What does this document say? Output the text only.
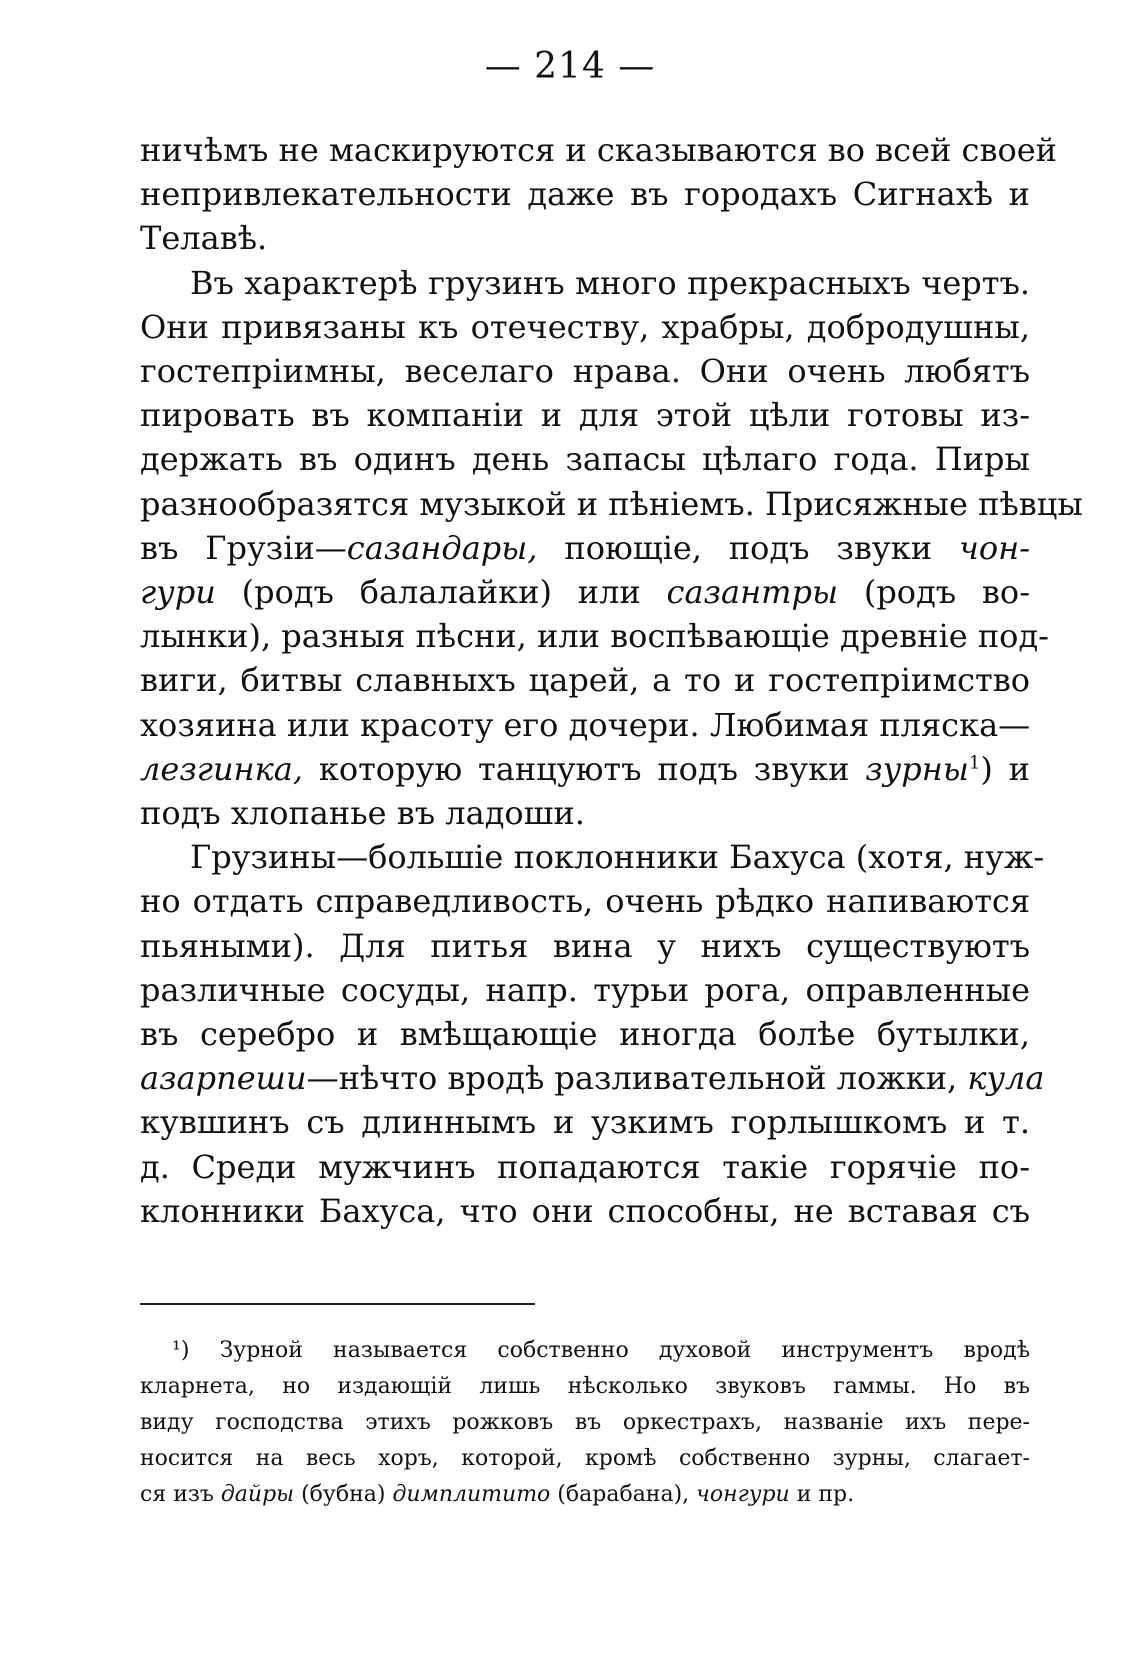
— 214 —
ничѣмъ не маскируются и сказываются во всей своей
непривлекательности даже въ городахъ Сигнахѣ и
Телавѣ.
Въ характерѣ грузинъ много прекрасныхъ чертъ.
Они привязаны къ отечеству, храбры, добродушны,
гостепріимны, веселаго нрава. Они очень любятъ
пировать въ компаніи и для этой цѣли готовы из-
держать въ одинъ день запасы цѣлаго года. Пиры
разнообразятся музыкой и пѣніемъ. Присяжные пѣвцы
въ Грузіи—сазандары, поющіе, подъ звуки чон-
гури (родъ балалайки) или сазантры (родъ во-
лынки), разныя пѣсни, или воспѣвающіе древніе под-
виги, битвы славныхъ царей, а то и гостепріимство
хозяина или красоту его дочери. Любимая пляска—
лезгинка, которую танцуютъ подъ звуки зурны$^1$) и
подъ хлопанье въ ладоши.
Грузины—большіе поклонники Бахуса (хотя, нуж-
но отдать справедливость, очень рѣдко напиваются
пьяными). Для питья вина у нихъ существуютъ
различные сосуды, напр. турьи рога, оправленные
въ серебро и вмѣщающіе иногда болѣе бутылки,
азарпеши—нѣчто вродѣ разливательной ложки, кула
кувшинъ съ длиннымъ и узкимъ горлышкомъ и т.
д. Среди мужчинъ попадаются такіе горячіе по-
клонники Бахуса, что они способны, не вставая съ
¹) Зурной называется собственно духовой инструментъ вродѣ
кларнета, но издающій лишь нѣсколько звуковъ гаммы. Но въ
виду господства этихъ рожковъ въ оркестрахъ, названіе ихъ пере-
носится на весь хоръ, которой, кромѣ собственно зурны, слагает-
ся изъ дайры (бубна) димплитито (барабана), чонгури и пр.
